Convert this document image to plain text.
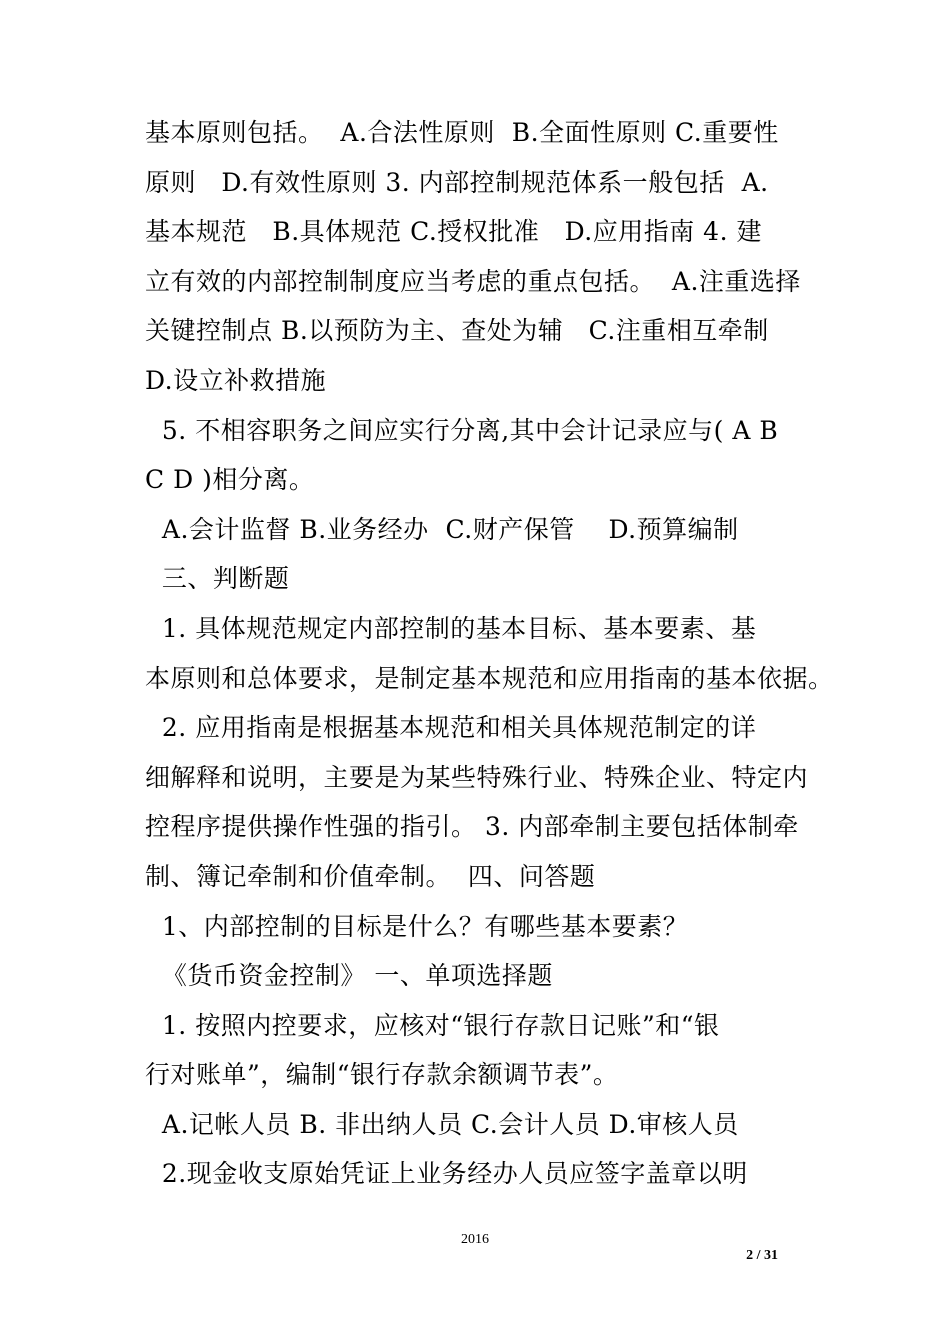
基本原则包括。  A.合法性原则  B.全面性原则 C.重要性
原则   D.有效性原则 3. 内部控制规范体系一般包括  A.
基本规范   B.具体规范 C.授权批准   D.应用指南 4. 建
立有效的内部控制制度应当考虑的重点包括。  A.注重选择
关键控制点 B.以预防为主、查处为辅   C.注重相互牵制
D.设立补救措施
5. 不相容职务之间应实行分离,其中会计记录应与( A B
C D )相分离。
A.会计监督 B.业务经办  C.财产保管    D.预算编制
三、判断题
1. 具体规范规定内部控制的基本目标、基本要素、基
本原则和总体要求，是制定基本规范和应用指南的基本依据。
2. 应用指南是根据基本规范和相关具体规范制定的详
细解释和说明，主要是为某些特殊行业、特殊企业、特定内
控程序提供操作性强的指引。 3. 内部牵制主要包括体制牵
制、簿记牵制和价值牵制。  四、问答题
1、内部控制的目标是什么？有哪些基本要素？
《货币资金控制》 一、单项选择题
1. 按照内控要求，应核对“银行存款日记账”和“银
行对账单”，编制“银行存款余额调节表”。
A.记帐人员 B. 非出纳人员 C.会计人员 D.审核人员
2.现金收支原始凭证上业务经办人员应签字盖章以明
2016
2 / 31
